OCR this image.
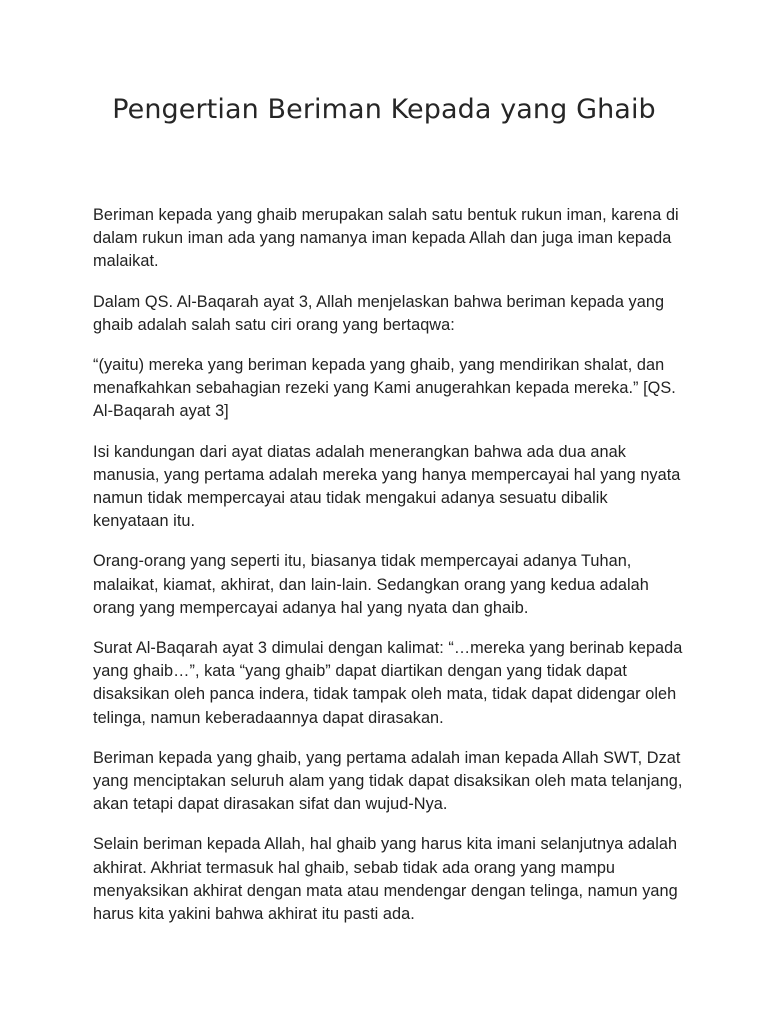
Pengertian Beriman Kepada yang Ghaib

Beriman kepada yang ghaib merupakan salah satu bentuk rukun iman, karena di dalam rukun iman ada yang namanya iman kepada Allah dan juga iman kepada malaikat.

Dalam QS. Al-Baqarah ayat 3, Allah menjelaskan bahwa beriman kepada yang ghaib adalah salah satu ciri orang yang bertaqwa:

“(yaitu) mereka yang beriman kepada yang ghaib, yang mendirikan shalat, dan menafkahkan sebahagian rezeki yang Kami anugerahkan kepada mereka.” [QS. Al-Baqarah ayat 3]

Isi kandungan dari ayat diatas adalah menerangkan bahwa ada dua anak manusia, yang pertama adalah mereka yang hanya mempercayai hal yang nyata namun tidak mempercayai atau tidak mengakui adanya sesuatu dibalik kenyataan itu.

Orang-orang yang seperti itu, biasanya tidak mempercayai adanya Tuhan, malaikat, kiamat, akhirat, dan lain-lain. Sedangkan orang yang kedua adalah orang yang mempercayai adanya hal yang nyata dan ghaib.

Surat Al-Baqarah ayat 3 dimulai dengan kalimat: “…mereka yang berinab kepada yang ghaib…”, kata “yang ghaib” dapat diartikan dengan yang tidak dapat disaksikan oleh panca indera, tidak tampak oleh mata, tidak dapat didengar oleh telinga, namun keberadaannya dapat dirasakan.

Beriman kepada yang ghaib, yang pertama adalah iman kepada Allah SWT, Dzat yang menciptakan seluruh alam yang tidak dapat disaksikan oleh mata telanjang, akan tetapi dapat dirasakan sifat dan wujud-Nya.

Selain beriman kepada Allah, hal ghaib yang harus kita imani selanjutnya adalah akhirat. Akhriat termasuk hal ghaib, sebab tidak ada orang yang mampu menyaksikan akhirat dengan mata atau mendengar dengan telinga, namun yang harus kita yakini bahwa akhirat itu pasti ada.
